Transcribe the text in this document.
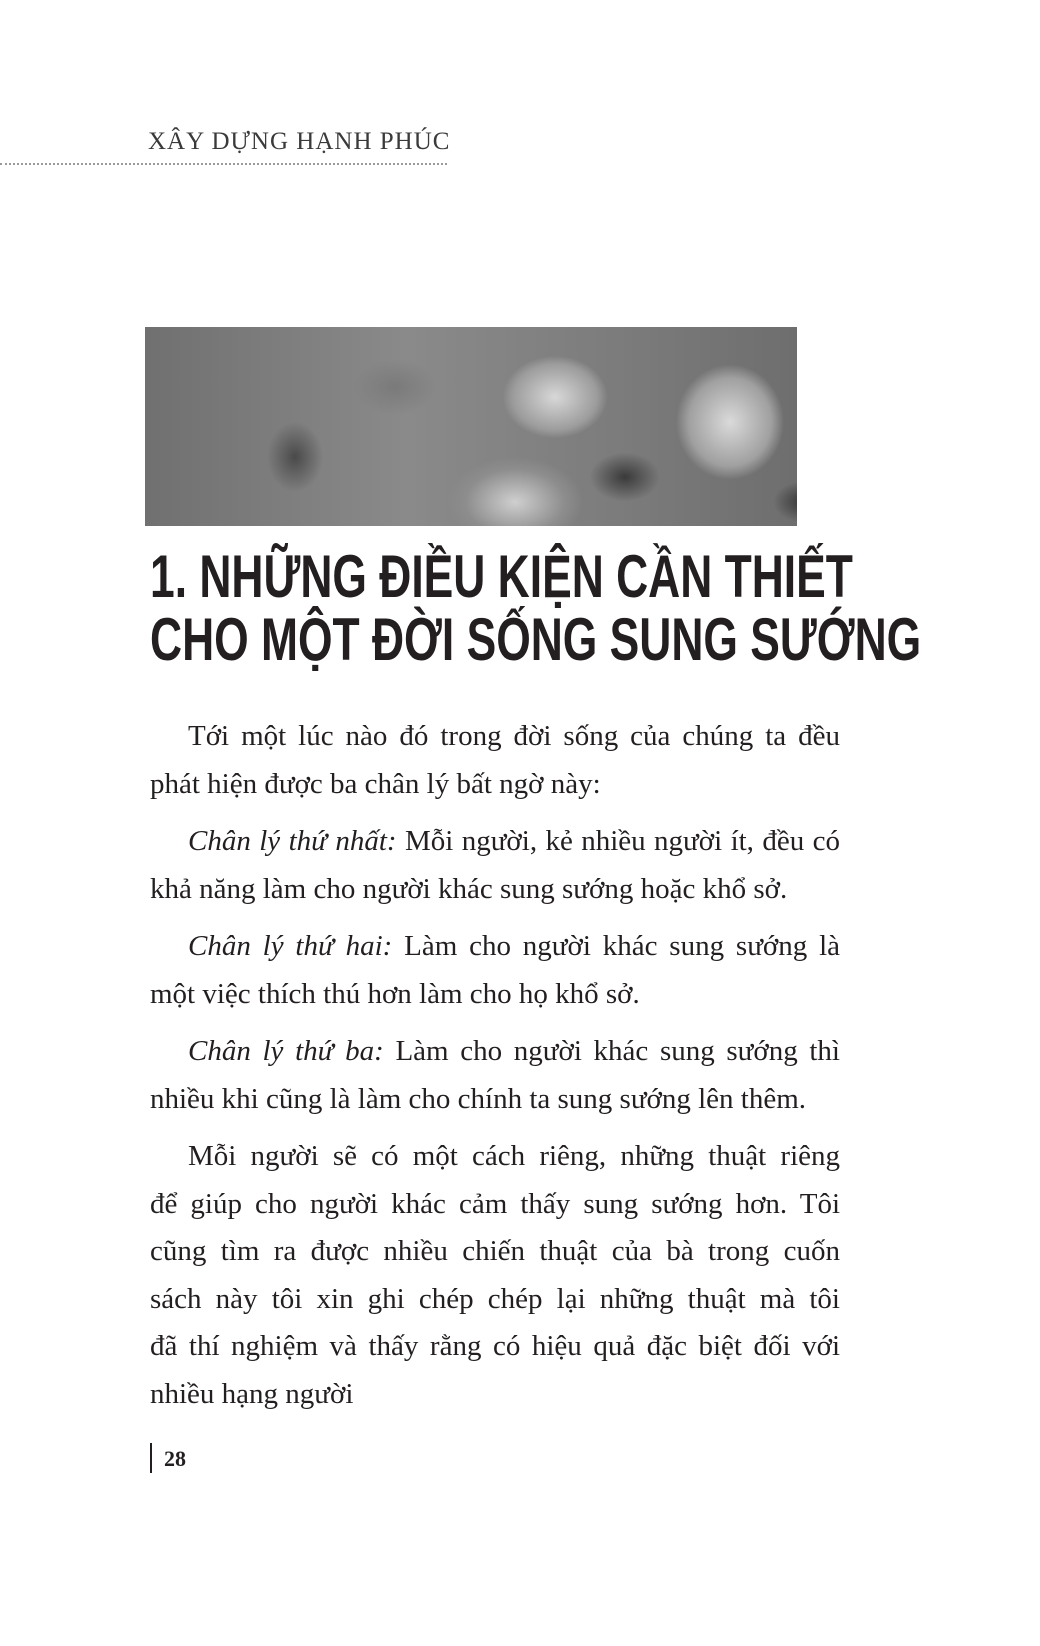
XÂY DỰNG HẠNH PHÚC
1. NHỮNG ĐIỀU KIỆN CẦN THIẾT
CHO MỘT ĐỜI SỐNG SUNG SƯỚNG
Tới một lúc nào đó trong đời sống của chúng ta đều
phát hiện được ba chân lý bất ngờ này:
Chân lý thứ nhất: Mỗi người, kẻ nhiều người ít, đều có
khả năng làm cho người khác sung sướng hoặc khổ sở.
Chân lý thứ hai: Làm cho người khác sung sướng là
một việc thích thú hơn làm cho họ khổ sở.
Chân lý thứ ba: Làm cho người khác sung sướng thì
nhiều khi cũng là làm cho chính ta sung sướng lên thêm.
Mỗi người sẽ có một cách riêng, những thuật riêng
để giúp cho người khác cảm thấy sung sướng hơn. Tôi
cũng tìm ra được nhiều chiến thuật của bà trong cuốn
sách này tôi xin ghi chép chép lại những thuật mà tôi
đã thí nghiệm và thấy rằng có hiệu quả đặc biệt đối với
nhiều hạng người
28
